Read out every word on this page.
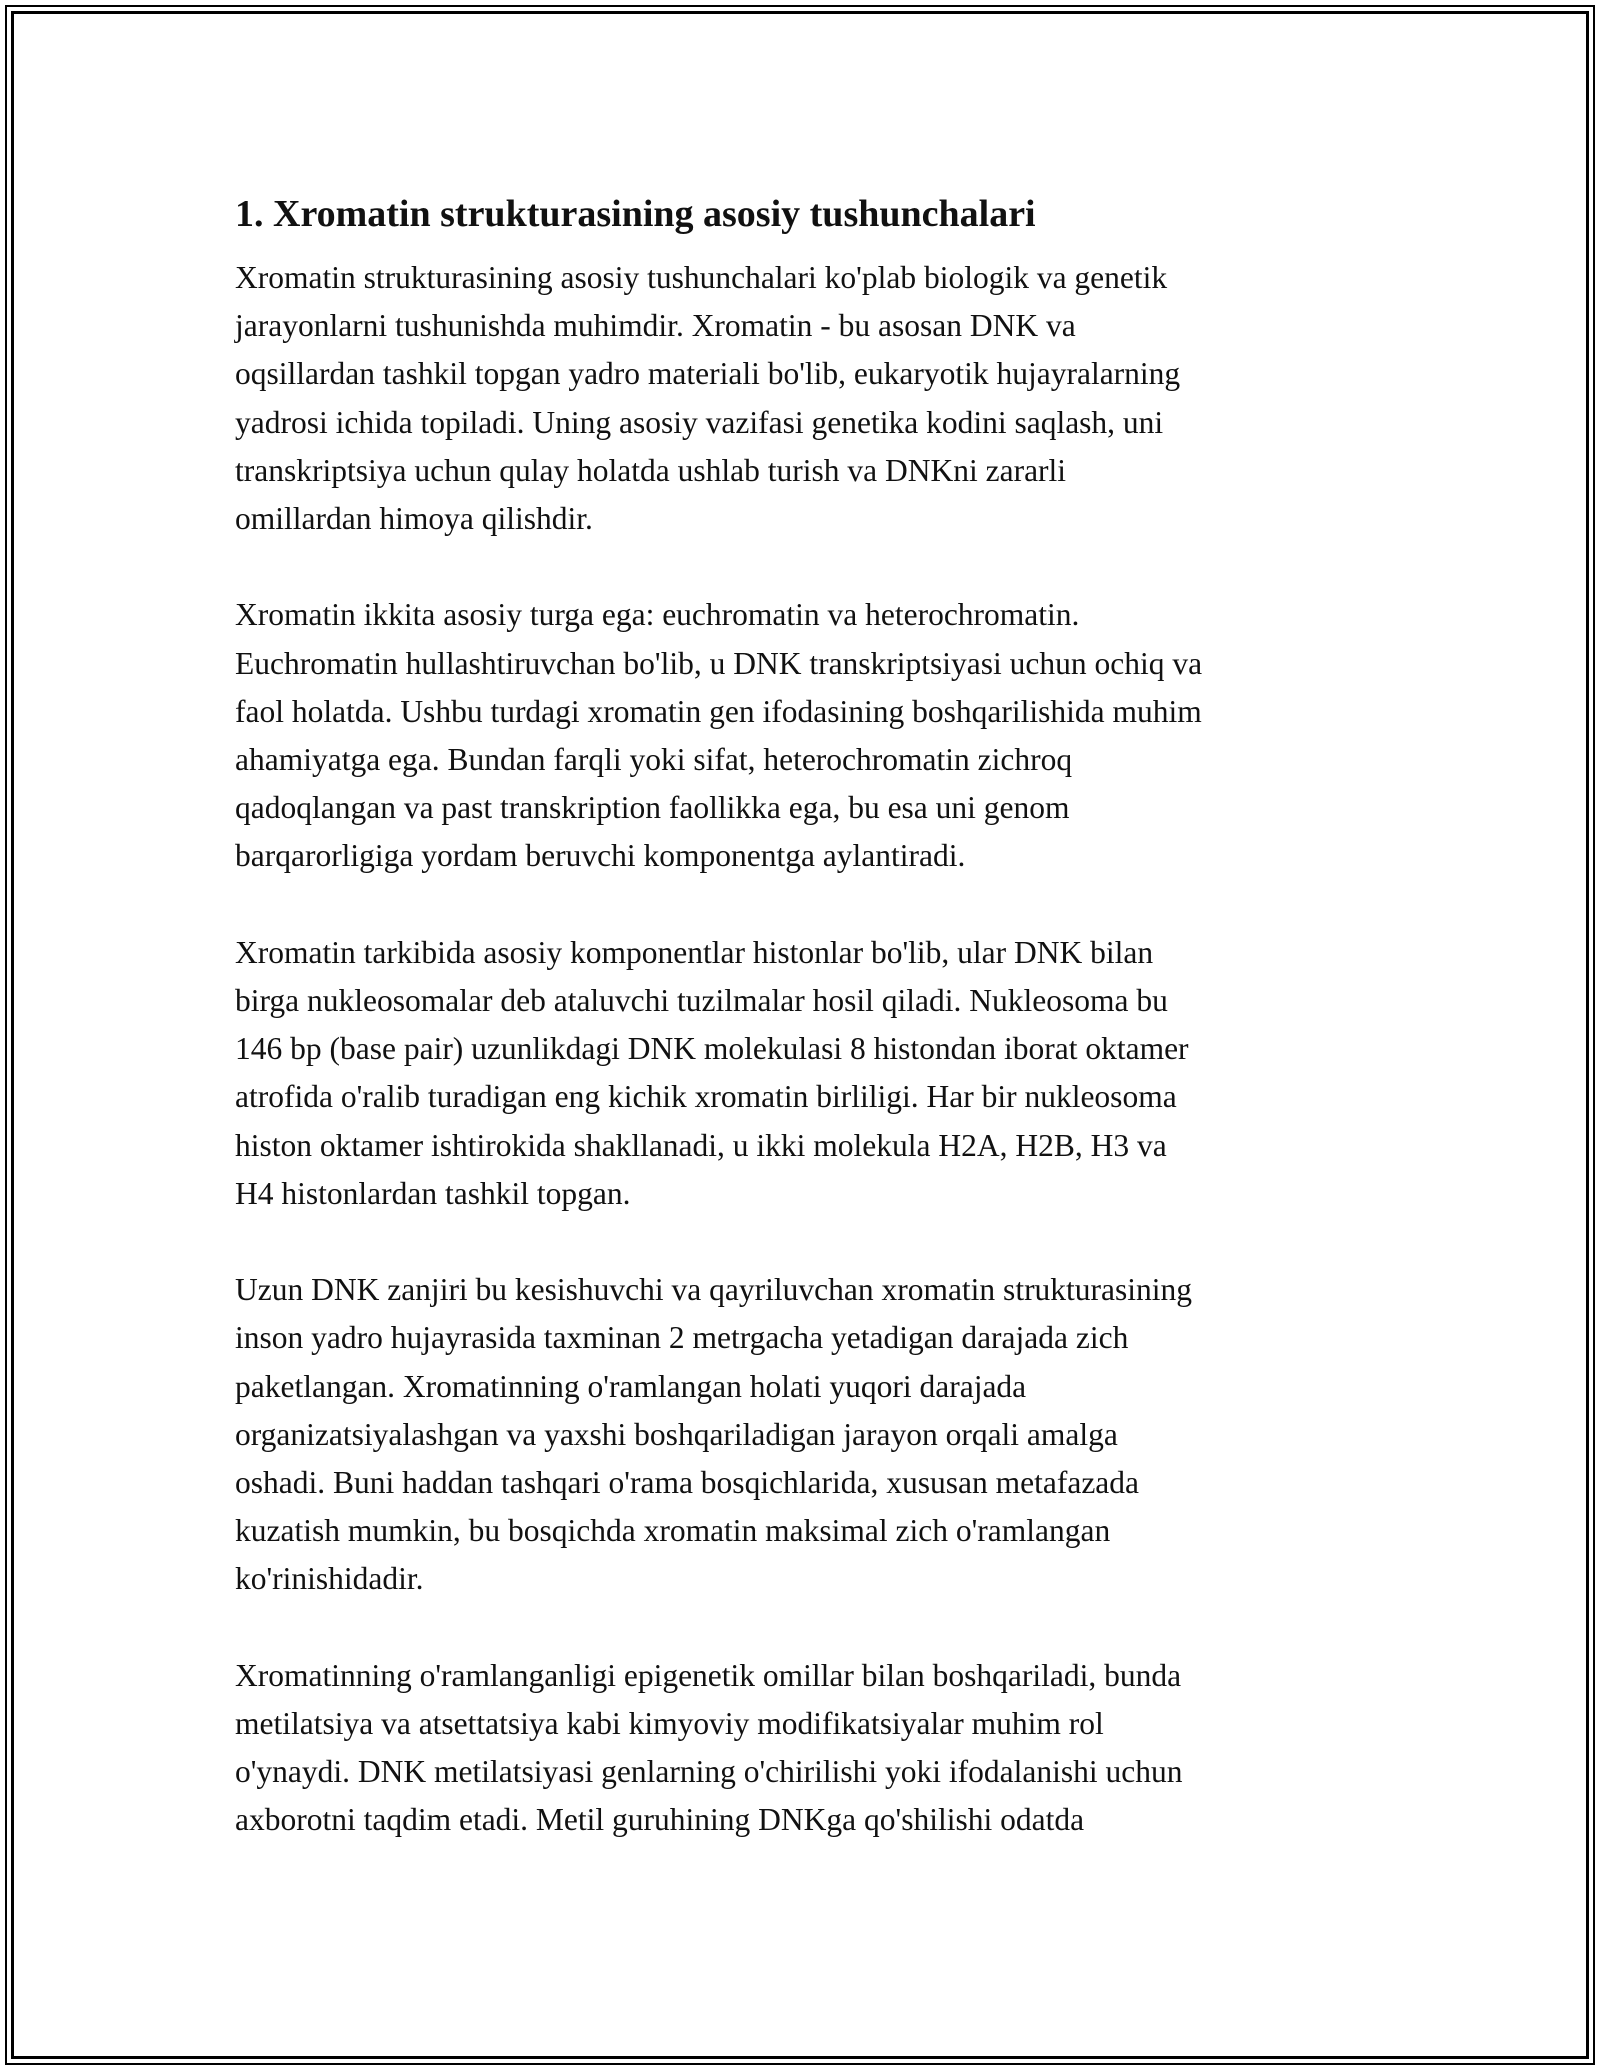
1. Xromatin strukturasining asosiy tushunchalari
Xromatin strukturasining asosiy tushunchalari ko'plab biologik va genetik
jarayonlarni tushunishda muhimdir. Xromatin - bu asosan DNK va
oqsillardan tashkil topgan yadro materiali bo'lib, eukaryotik hujayralarning
yadrosi ichida topiladi. Uning asosiy vazifasi genetika kodini saqlash, uni
transkriptsiya uchun qulay holatda ushlab turish va DNKni zararli
omillardan himoya qilishdir.
Xromatin ikkita asosiy turga ega: euchromatin va heterochromatin.
Euchromatin hullashtiruvchan bo'lib, u DNK transkriptsiyasi uchun ochiq va
faol holatda. Ushbu turdagi xromatin gen ifodasining boshqarilishida muhim
ahamiyatga ega. Bundan farqli yoki sifat, heterochromatin zichroq
qadoqlangan va past transkription faollikka ega, bu esa uni genom
barqarorligiga yordam beruvchi komponentga aylantiradi.
Xromatin tarkibida asosiy komponentlar histonlar bo'lib, ular DNK bilan
birga nukleosomalar deb ataluvchi tuzilmalar hosil qiladi. Nukleosoma bu
146 bp (base pair) uzunlikdagi DNK molekulasi 8 histondan iborat oktamer
atrofida o'ralib turadigan eng kichik xromatin birliligi. Har bir nukleosoma
histon oktamer ishtirokida shakllanadi, u ikki molekula H2A, H2B, H3 va
H4 histonlardan tashkil topgan.
Uzun DNK zanjiri bu kesishuvchi va qayriluvchan xromatin strukturasining
inson yadro hujayrasida taxminan 2 metrgacha yetadigan darajada zich
paketlangan. Xromatinning o'ramlangan holati yuqori darajada
organizatsiyalashgan va yaxshi boshqariladigan jarayon orqali amalga
oshadi. Buni haddan tashqari o'rama bosqichlarida, xususan metafazada
kuzatish mumkin, bu bosqichda xromatin maksimal zich o'ramlangan
ko'rinishidadir.
Xromatinning o'ramlanganligi epigenetik omillar bilan boshqariladi, bunda
metilatsiya va atsettatsiya kabi kimyoviy modifikatsiyalar muhim rol
o'ynaydi. DNK metilatsiyasi genlarning o'chirilishi yoki ifodalanishi uchun
axborotni taqdim etadi. Metil guruhining DNKga qo'shilishi odatda
